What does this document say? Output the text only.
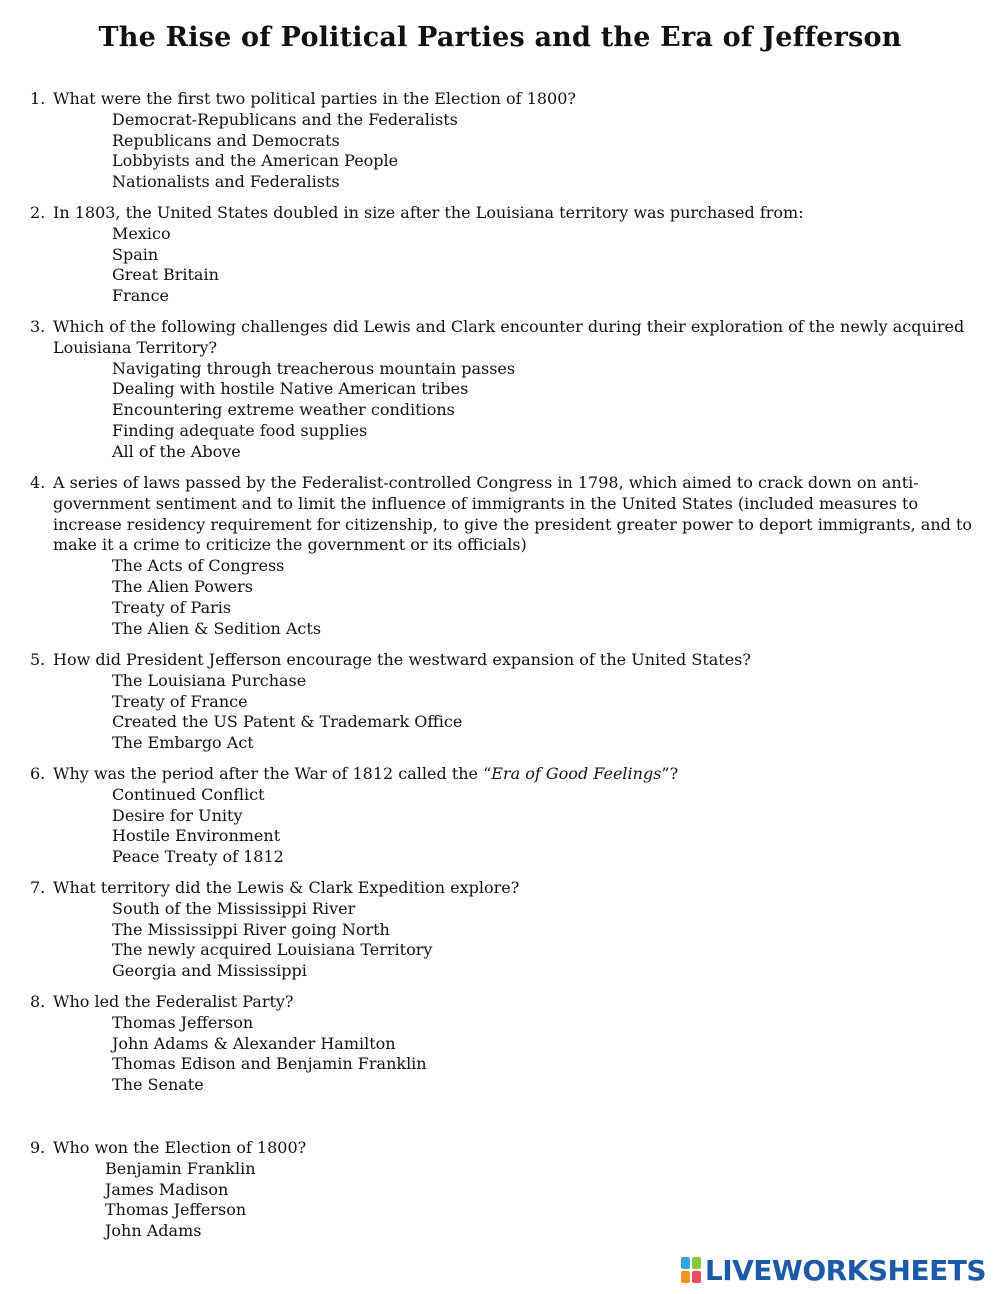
The Rise of Political Parties and the Era of Jefferson
1. What were the first two political parties in the Election of 1800?
Democrat-Republicans and the Federalists
Republicans and Democrats
Lobbyists and the American People
Nationalists and Federalists
2. In 1803, the United States doubled in size after the Louisiana territory was purchased from:
Mexico
Spain
Great Britain
France
3. Which of the following challenges did Lewis and Clark encounter during their exploration of the newly acquired Louisiana Territory?
Navigating through treacherous mountain passes
Dealing with hostile Native American tribes
Encountering extreme weather conditions
Finding adequate food supplies
All of the Above
4. A series of laws passed by the Federalist-controlled Congress in 1798, which aimed to crack down on anti-government sentiment and to limit the influence of immigrants in the United States (included measures to increase residency requirement for citizenship, to give the president greater power to deport immigrants, and to make it a crime to criticize the government or its officials)
The Acts of Congress
The Alien Powers
Treaty of Paris
The Alien & Sedition Acts
5. How did President Jefferson encourage the westward expansion of the United States?
The Louisiana Purchase
Treaty of France
Created the US Patent & Trademark Office
The Embargo Act
6. Why was the period after the War of 1812 called the “Era of Good Feelings”?
Continued Conflict
Desire for Unity
Hostile Environment
Peace Treaty of 1812
7. What territory did the Lewis & Clark Expedition explore?
South of the Mississippi River
The Mississippi River going North
The newly acquired Louisiana Territory
Georgia and Mississippi
8. Who led the Federalist Party?
Thomas Jefferson
John Adams & Alexander Hamilton
Thomas Edison and Benjamin Franklin
The Senate
9. Who won the Election of 1800?
Benjamin Franklin
James Madison
Thomas Jefferson
John Adams
LIVEWORKSHEETS
